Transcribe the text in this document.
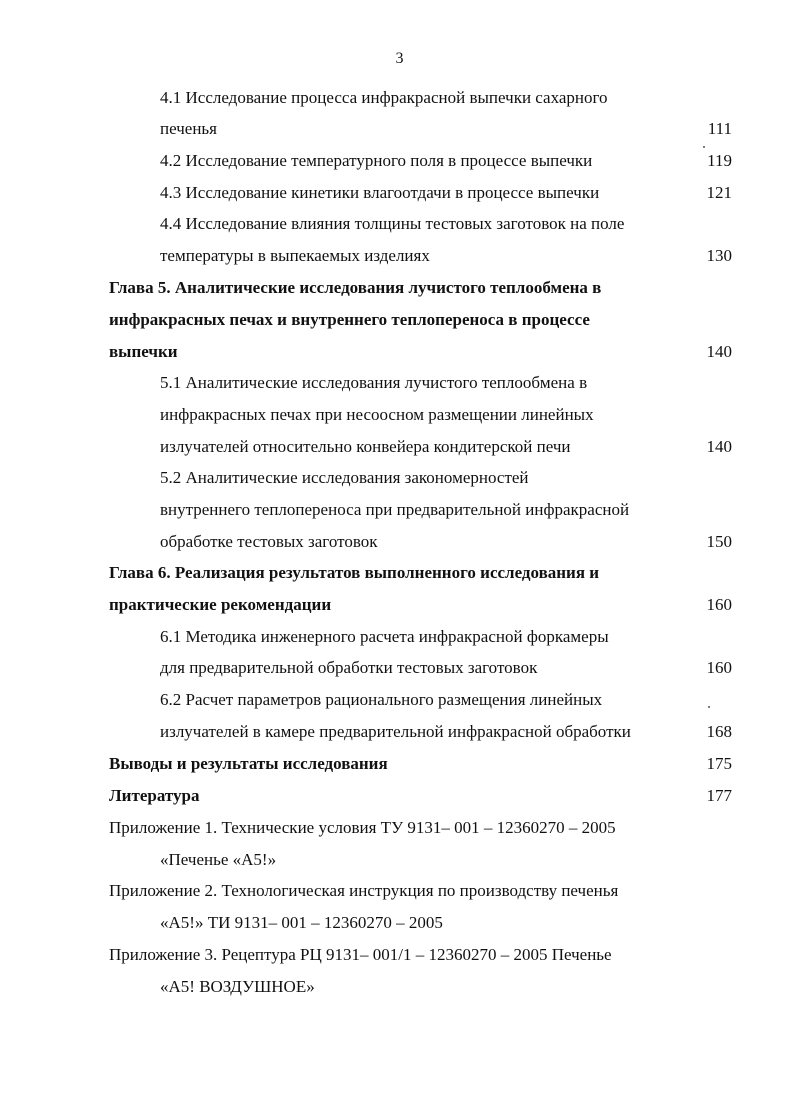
3
4.1 Исследование процесса инфракрасной выпечки сахарного
печенья	111
4.2 Исследование температурного поля в процессе выпечки	119
4.3 Исследование кинетики влагоотдачи в процессе выпечки	121
4.4 Исследование влияния толщины тестовых заготовок на поле
температуры в выпекаемых изделиях	130
Глава 5. Аналитические исследования лучистого теплообмена в
инфракрасных печах и внутреннего теплопереноса в процессе
выпечки	140
5.1 Аналитические исследования лучистого теплообмена в
инфракрасных печах при несоосном размещении линейных
излучателей относительно конвейера кондитерской печи	140
5.2 Аналитические исследования закономерностей
внутреннего теплопереноса при предварительной инфракрасной
обработке тестовых заготовок	150
Глава 6. Реализация результатов выполненного исследования и
практические рекомендации	160
6.1 Методика инженерного расчета инфракрасной форкамеры
для предварительной обработки тестовых заготовок	160
6.2 Расчет параметров рационального размещения линейных
излучателей в камере предварительной инфракрасной обработки	168
Выводы и результаты исследования	175
Литература	177
Приложение 1. Технические условия ТУ 9131– 001 – 12360270 – 2005
«Печенье «А5!»
Приложение 2. Технологическая инструкция по производству печенья
«А5!» ТИ 9131– 001 – 12360270 – 2005
Приложение 3. Рецептура РЦ 9131– 001/1 – 12360270 – 2005 Печенье
«А5! ВОЗДУШНОЕ»
